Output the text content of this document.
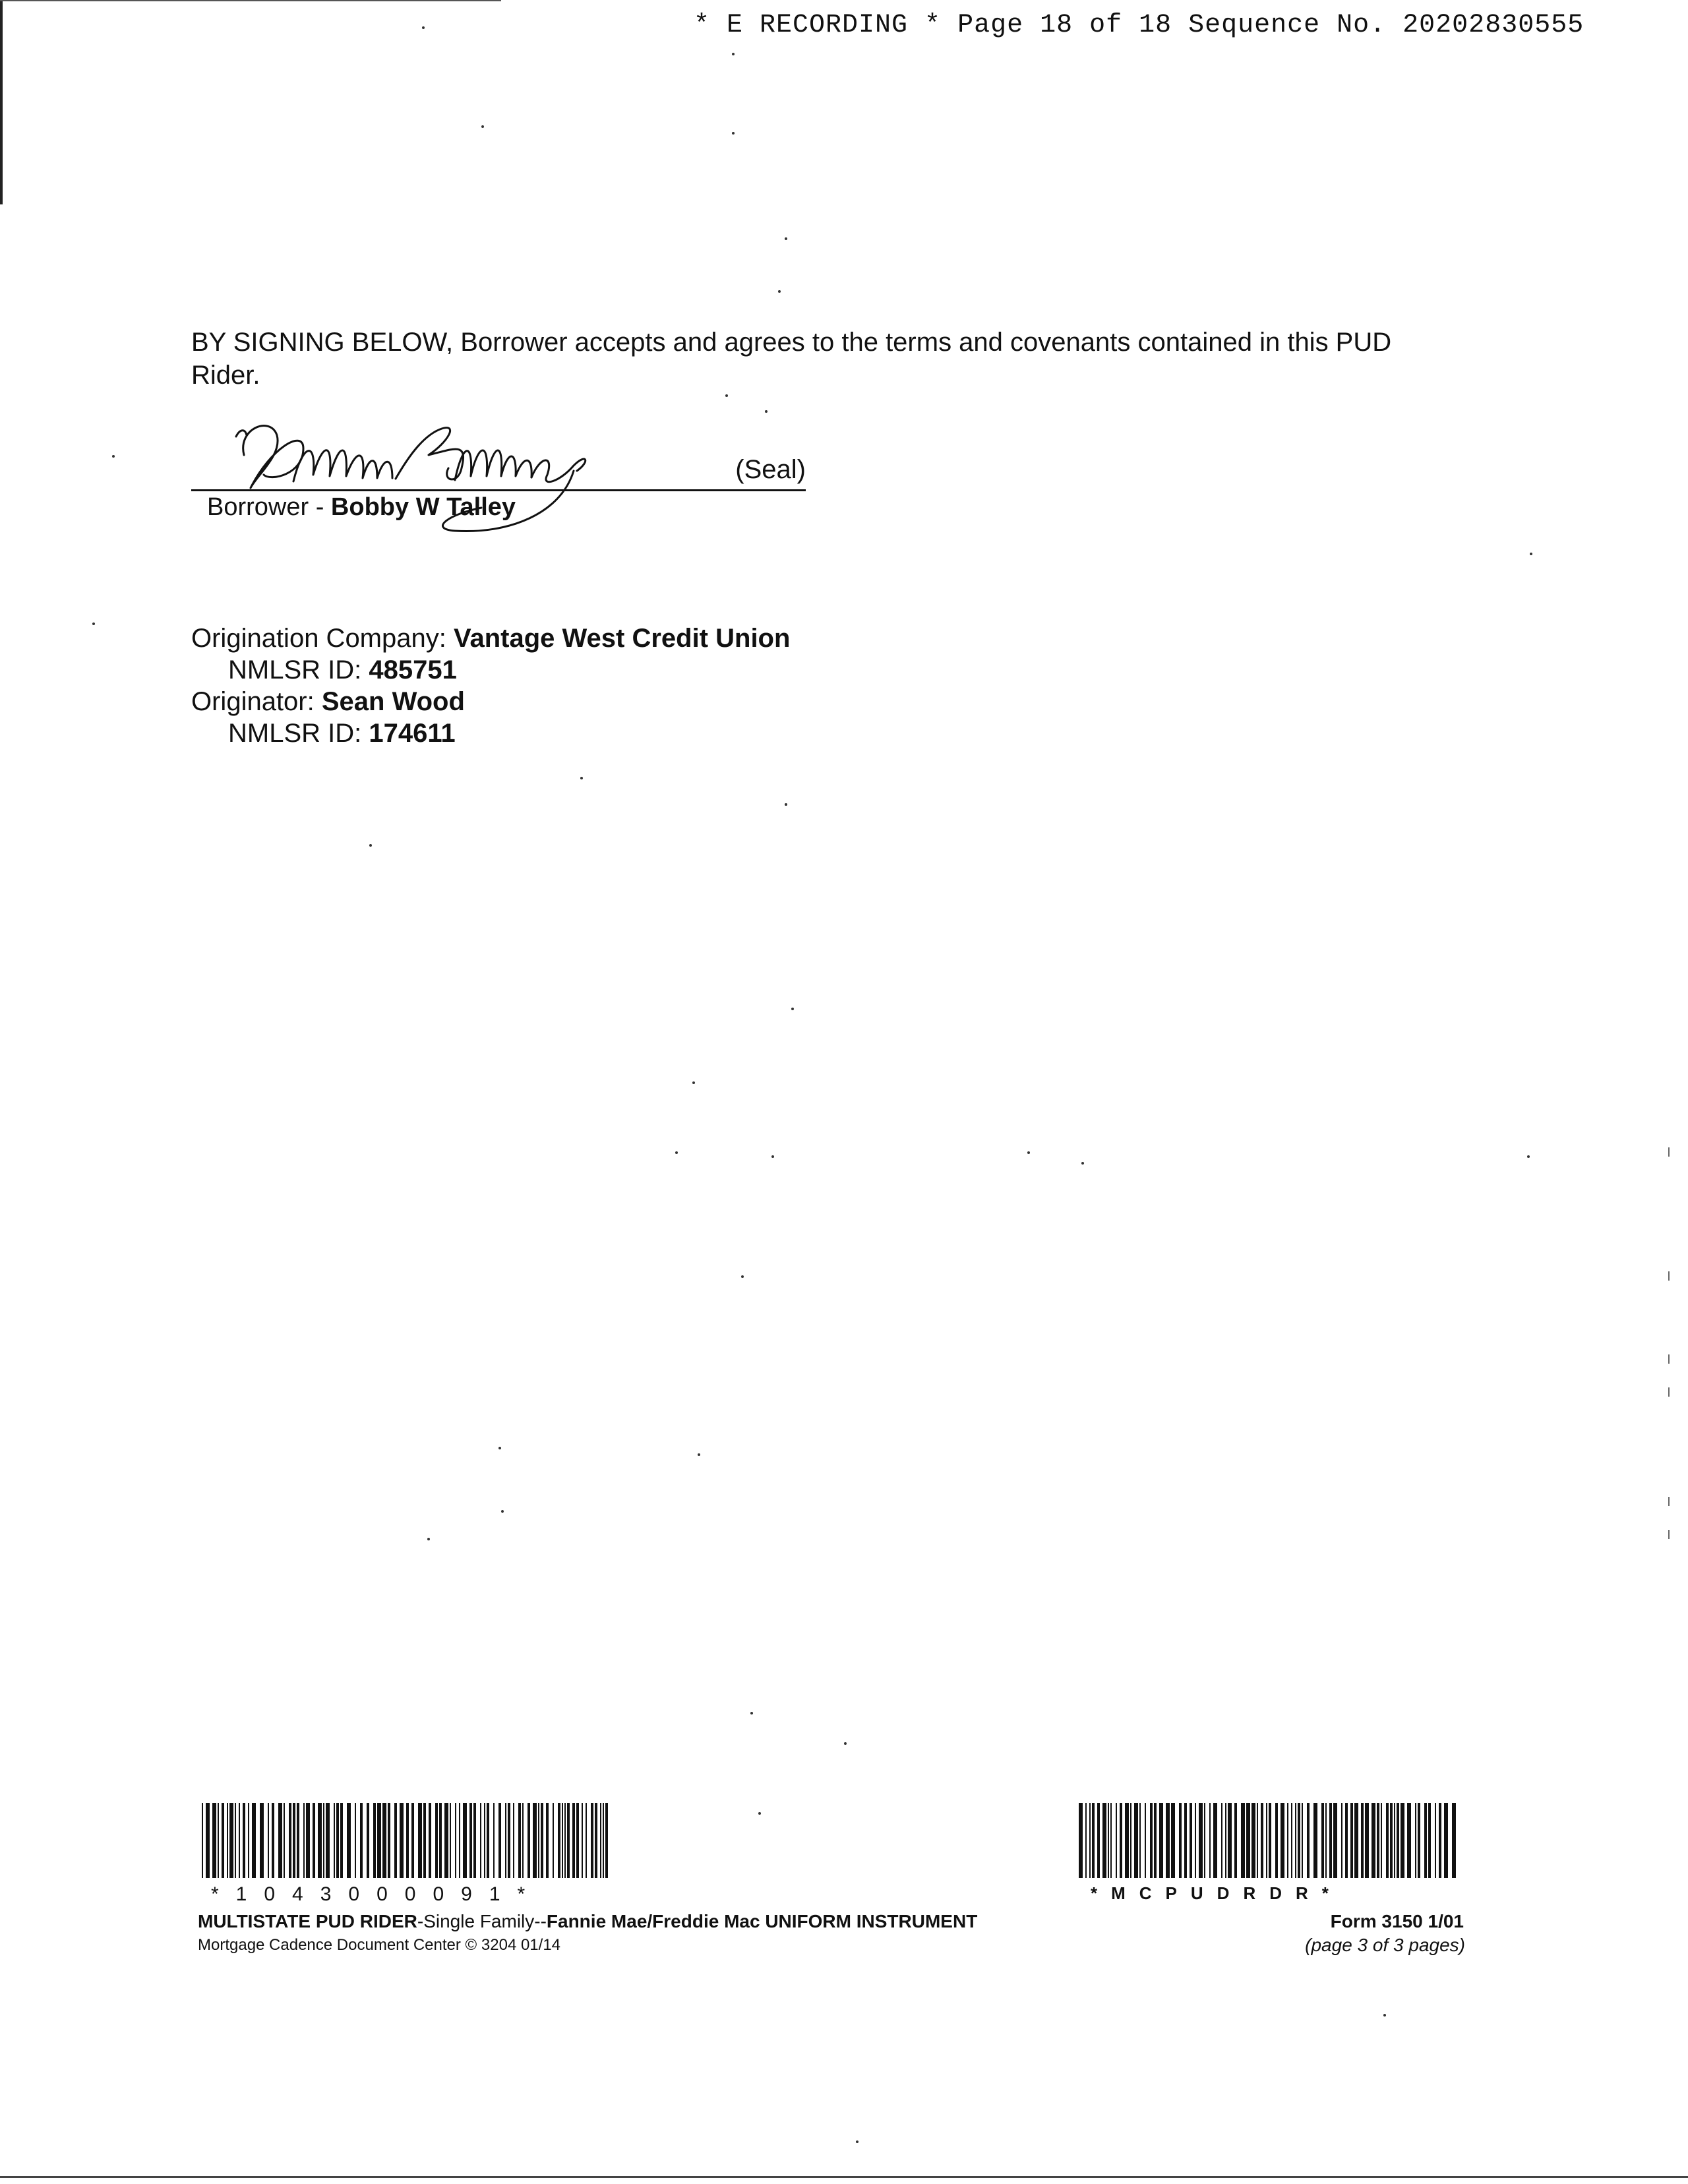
* E RECORDING * Page 18 of 18 Sequence No. 20202830555
BY SIGNING BELOW, Borrower accepts and agrees to the terms and covenants contained in this PUD Rider.
(Seal)
Borrower - Bobby W Talley
Origination Company: Vantage West Credit Union
NMLSR ID: 485751
Originator: Sean Wood
NMLSR ID: 174611
*1043000091*	*MCPUDRDR*
MULTISTATE PUD RIDER-Single Family--Fannie Mae/Freddie Mac UNIFORM INSTRUMENT
Mortgage Cadence Document Center © 3204 01/14
Form 3150 1/01
(page 3 of 3 pages)
